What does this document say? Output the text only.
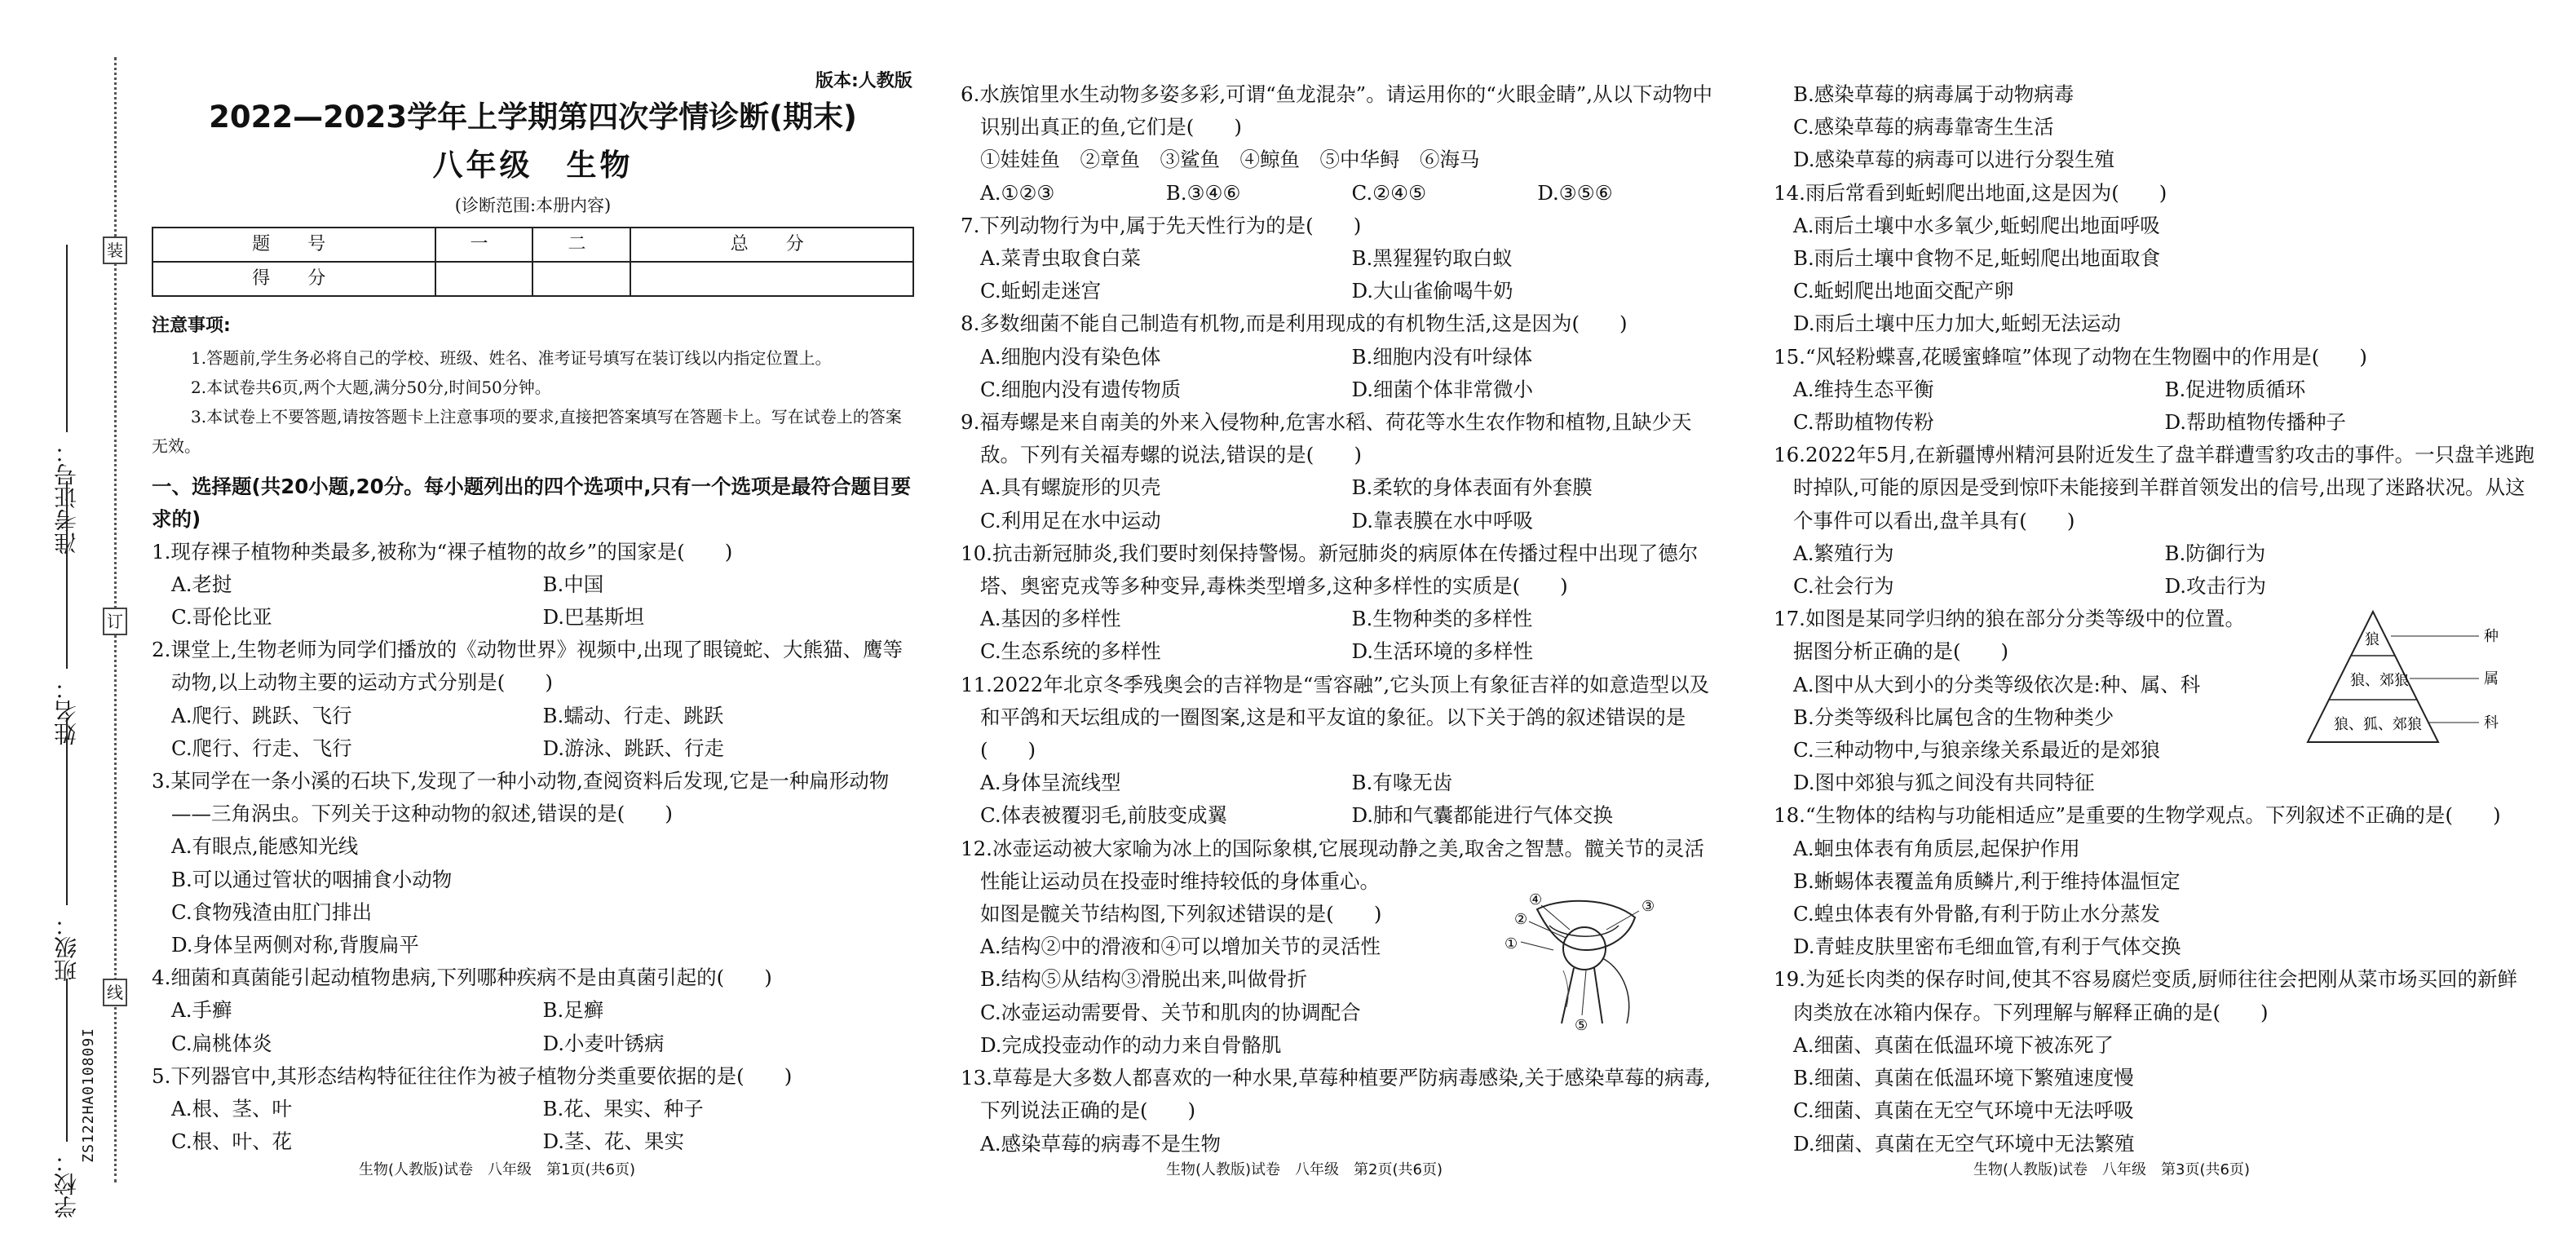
准考证号：
姓名：
班级：
学校：
装
订
线
ZS122HA010809I
版本:人教版
2022—2023学年上学期第四次学情诊断(期末)
八年级　生物
(诊断范围:本册内容)
题　号	一	二	总　分
得　分			
注意事项:
1.答题前,学生务必将自己的学校、班级、姓名、准考证号填写在装订线以内指定位置上。
2.本试卷共6页,两个大题,满分50分,时间50分钟。
3.本试卷上不要答题,请按答题卡上注意事项的要求,直接把答案填写在答题卡上。写在试卷上的答案无效。
一、选择题(共20小题,20分。每小题列出的四个选项中,只有一个选项是最符合题目要求的)
1.现存裸子植物种类最多,被称为“裸子植物的故乡”的国家是(　　)
A.老挝	B.中国
C.哥伦比亚	D.巴基斯坦
2.课堂上,生物老师为同学们播放的《动物世界》视频中,出现了眼镜蛇、大熊猫、鹰等动物,以上动物主要的运动方式分别是(　　)
A.爬行、跳跃、飞行	B.蠕动、行走、跳跃
C.爬行、行走、飞行	D.游泳、跳跃、行走
3.某同学在一条小溪的石块下,发现了一种小动物,查阅资料后发现,它是一种扁形动物——三角涡虫。下列关于这种动物的叙述,错误的是(　　)
A.有眼点,能感知光线
B.可以通过管状的咽捕食小动物
C.食物残渣由肛门排出
D.身体呈两侧对称,背腹扁平
4.细菌和真菌能引起动植物患病,下列哪种疾病不是由真菌引起的(　　)
A.手癣	B.足癣
C.扁桃体炎	D.小麦叶锈病
5.下列器官中,其形态结构特征往往作为被子植物分类重要依据的是(　　)
A.根、茎、叶	B.花、果实、种子
C.根、叶、花	D.茎、花、果实
6.水族馆里水生动物多姿多彩,可谓“鱼龙混杂”。请运用你的“火眼金睛”,从以下动物中识别出真正的鱼,它们是(　　)
①娃娃鱼　②章鱼　③鲨鱼　④鲸鱼　⑤中华鲟　⑥海马
A.①②③	B.③④⑥	C.②④⑤	D.③⑤⑥
7.下列动物行为中,属于先天性行为的是(　　)
A.菜青虫取食白菜	B.黑猩猩钓取白蚁
C.蚯蚓走迷宫	D.大山雀偷喝牛奶
8.多数细菌不能自己制造有机物,而是利用现成的有机物生活,这是因为(　　)
A.细胞内没有染色体	B.细胞内没有叶绿体
C.细胞内没有遗传物质	D.细菌个体非常微小
9.福寿螺是来自南美的外来入侵物种,危害水稻、荷花等水生农作物和植物,且缺少天敌。下列有关福寿螺的说法,错误的是(　　)
A.具有螺旋形的贝壳	B.柔软的身体表面有外套膜
C.利用足在水中运动	D.靠表膜在水中呼吸
10.抗击新冠肺炎,我们要时刻保持警惕。新冠肺炎的病原体在传播过程中出现了德尔塔、奥密克戎等多种变异,毒株类型增多,这种多样性的实质是(　　)
A.基因的多样性	B.生物种类的多样性
C.生态系统的多样性	D.生活环境的多样性
11.2022年北京冬季残奥会的吉祥物是“雪容融”,它头顶上有象征吉祥的如意造型以及和平鸽和天坛组成的一圈图案,这是和平友谊的象征。以下关于鸽的叙述错误的是(　　)
A.身体呈流线型	B.有喙无齿
C.体表被覆羽毛,前肢变成翼	D.肺和气囊都能进行气体交换
12.冰壶运动被大家喻为冰上的国际象棋,它展现动静之美,取舍之智慧。髋关节的灵活性能让运动员在投壶时维持较低的身体重心。
如图是髋关节结构图,下列叙述错误的是(　　)
A.结构②中的滑液和④可以增加关节的灵活性
B.结构⑤从结构③滑脱出来,叫做骨折
C.冰壶运动需要骨、关节和肌肉的协调配合
D.完成投壶动作的动力来自骨骼肌
13.草莓是大多数人都喜欢的一种水果,草莓种植要严防病毒感染,关于感染草莓的病毒,下列说法正确的是(　　)
A.感染草莓的病毒不是生物
①
②
③
④
⑤
B.感染草莓的病毒属于动物病毒
C.感染草莓的病毒靠寄生生活
D.感染草莓的病毒可以进行分裂生殖
14.雨后常看到蚯蚓爬出地面,这是因为(　　)
A.雨后土壤中水多氧少,蚯蚓爬出地面呼吸
B.雨后土壤中食物不足,蚯蚓爬出地面取食
C.蚯蚓爬出地面交配产卵
D.雨后土壤中压力加大,蚯蚓无法运动
15.“风轻粉蝶喜,花暖蜜蜂喧”体现了动物在生物圈中的作用是(　　)
A.维持生态平衡	B.促进物质循环
C.帮助植物传粉	D.帮助植物传播种子
16.2022年5月,在新疆博州精河县附近发生了盘羊群遭雪豹攻击的事件。一只盘羊逃跑时掉队,可能的原因是受到惊吓未能接到羊群首领发出的信号,出现了迷路状况。从这个事件可以看出,盘羊具有(　　)
A.繁殖行为	B.防御行为
C.社会行为	D.攻击行为
17.如图是某同学归纳的狼在部分分类等级中的位置。
据图分析正确的是(　　)
A.图中从大到小的分类等级依次是:种、属、科
B.分类等级科比属包含的生物种类少
C.三种动物中,与狼亲缘关系最近的是郊狼
D.图中郊狼与狐之间没有共同特征
18.“生物体的结构与功能相适应”是重要的生物学观点。下列叙述不正确的是(　　)
A.蛔虫体表有角质层,起保护作用
B.蜥蜴体表覆盖角质鳞片,利于维持体温恒定
C.蝗虫体表有外骨骼,有利于防止水分蒸发
D.青蛙皮肤里密布毛细血管,有利于气体交换
19.为延长肉类的保存时间,使其不容易腐烂变质,厨师往往会把刚从菜市场买回的新鲜肉类放在冰箱内保存。下列理解与解释正确的是(　　)
A.细菌、真菌在低温环境下被冻死了
B.细菌、真菌在低温环境下繁殖速度慢
C.细菌、真菌在无空气环境中无法呼吸
D.细菌、真菌在无空气环境中无法繁殖
狼
狼、郊狼
狼、狐、郊狼
种
属
科
生物(人教版)试卷　八年级　第1页(共6页)	生物(人教版)试卷　八年级　第2页(共6页)	生物(人教版)试卷　八年级　第3页(共6页)
